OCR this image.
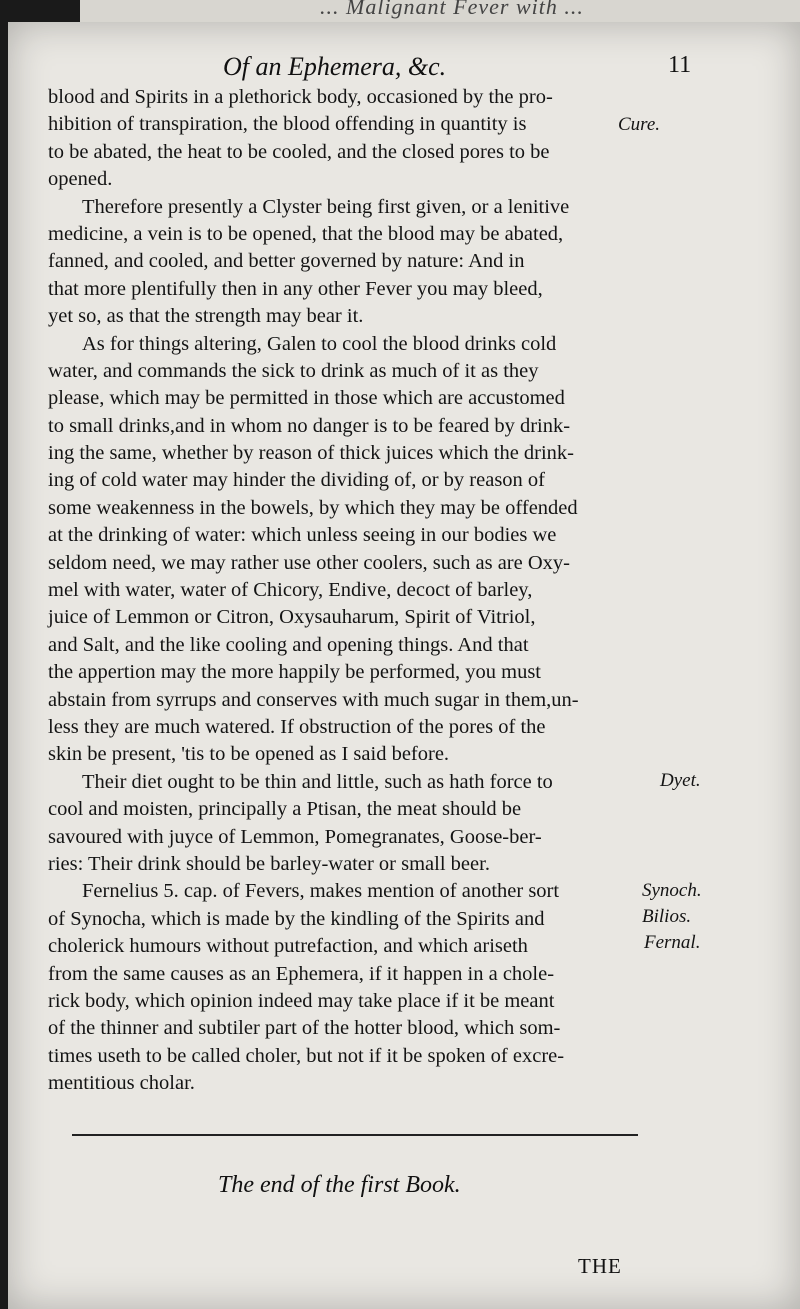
... Malignant Fever with ...
Of an Ephemera, &c.	11
blood and Spirits in a plethorick body, occasioned by the pro-
hibition of transpiration, the blood offending in quantity is
to be abated, the heat to be cooled, and the closed pores to be
opened.
Therefore presently a Clyster being first given, or a lenitive
medicine, a vein is to be opened, that the blood may be abated,
fanned, and cooled, and better governed by nature: And in
that more plentifully then in any other Fever you may bleed,
yet so, as that the strength may bear it.
As for things altering, Galen to cool the blood drinks cold
water, and commands the sick to drink as much of it as they
please, which may be permitted in those which are accustomed
to small drinks,and in whom no danger is to be feared by drink-
ing the same, whether by reason of thick juices which the drink-
ing of cold water may hinder the dividing of, or by reason of
some weakenness in the bowels, by which they may be offended
at the drinking of water: which unless seeing in our bodies we
seldom need, we may rather use other coolers, such as are Oxy-
mel with water, water of Chicory, Endive, decoct of barley,
juice of Lemmon or Citron, Oxysauharum, Spirit of Vitriol,
and Salt, and the like cooling and opening things. And that
the appertion may the more happily be performed, you must
abstain from syrrups and conserves with much sugar in them,un-
less they are much watered. If obstruction of the pores of the
skin be present, 'tis to be opened as I said before.
Their diet ought to be thin and little, such as hath force to
cool and moisten, principally a Ptisan, the meat should be
savoured with juyce of Lemmon, Pomegranates, Goose-ber-
ries: Their drink should be barley-water or small beer.
Fernelius 5. cap. of Fevers, makes mention of another sort
of Synocha, which is made by the kindling of the Spirits and
cholerick humours without putrefaction, and which ariseth
from the same causes as an Ephemera, if it happen in a chole-
rick body, which opinion indeed may take place if it be meant
of the thinner and subtiler part of the hotter blood, which som-
times useth to be called choler, but not if it be spoken of excre-
mentitious cholar.
Cure.
Dyet.
Synoch.
Bilios.
Fernal.
The end of the first Book.
THE
